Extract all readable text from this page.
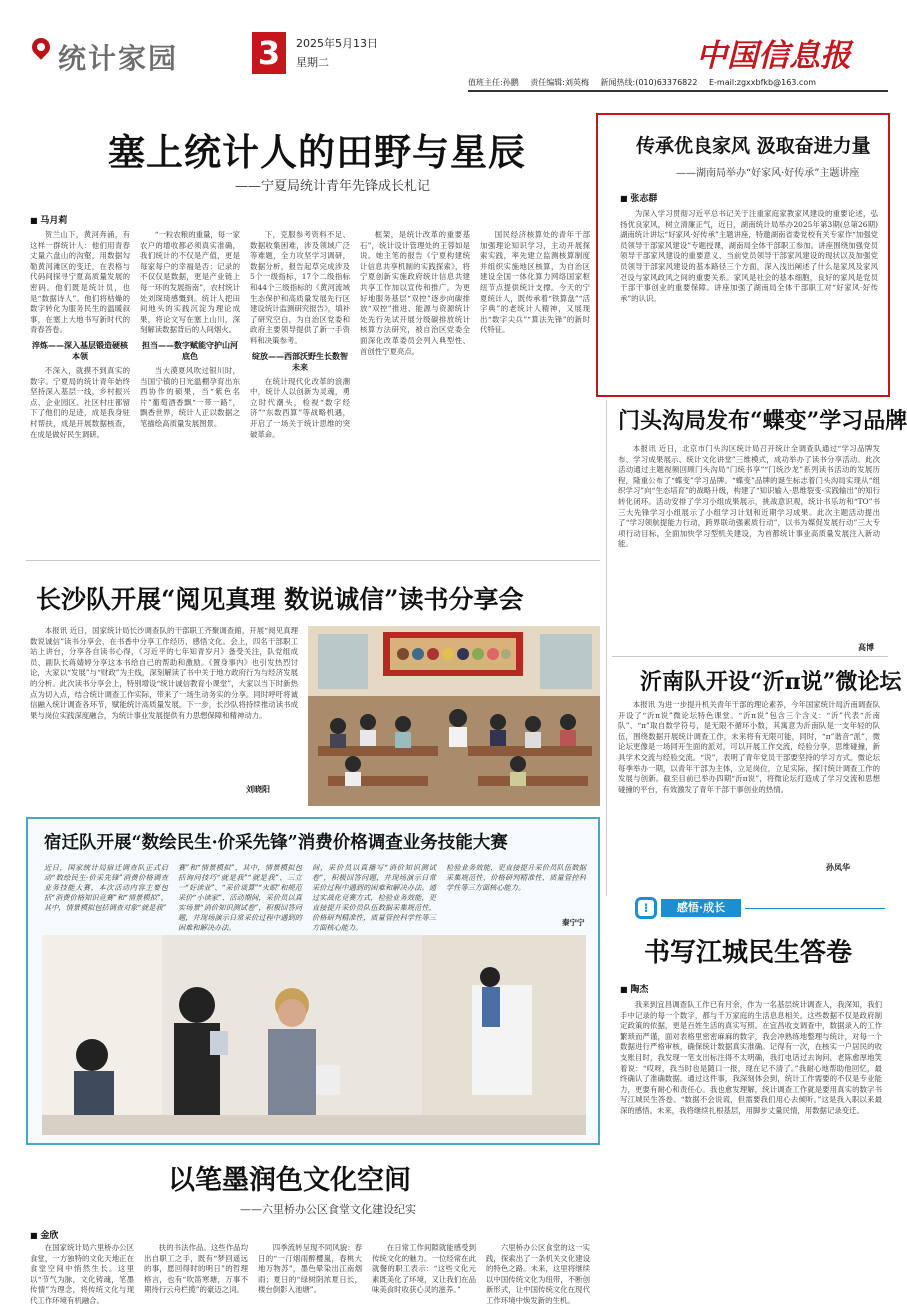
统计家园 3	2025年5月13日
星期二	中国信息报
值班主任:孙鹏 责任编辑:刘英梅 新闻热线:(010)63376822 E-mail:zgxxbfkb@163.com
塞上统计人的田野与星辰
——宁夏局统计青年先锋成长札记
■ 马月莉

贺兰山下，黄河奔涌，有这样一群统计人：他们用青春丈量六盘山的沟壑，用数据勾勒黄河滩区的变迁，在表格与代码间探寻宁夏高质量发展的密码。他们既是统计员，也是“数据诗人”。他们将枯燥的数字转化为服务民生的温暖叙事，在塞上大地书写新时代的青春答卷。

淬炼——深入基层锻造硬核本领

不深入，就摸不到真实的数字。宁夏局的统计青年始终坚持深入基层一线，乡村振兴点、企业园区、社区村庄都留下了他们的足迹，成是我身驻村帮扶，成是开展数据核查，在成是做好民生调研。

“一粒农粮的重量，每一家农户的增收都必须真实准确，我们统计的不仅是产值，更是每家每户的幸福是否：记录的不仅仅是数据，更是产业链上每一环的发展指南”，农村统计处刘琛琦感慨到。统计人把田间地头的实践沉淀为理论成果，将论文写在塞上山川，深刻解读数据背后的人间烟火。

担当——数字赋能守护山河底色

当大漠夏风吹过银川时，当国宁镇的日光温棚孕育出东西协作的硕果，当“紫色名片”葡萄酒香飘“一带一路”，飘香世界，统计人正以数据之笔描绘高质量发展图景。

下，克服参考资料不足、数据收集困难，涉及领域广泛等难题，全力攻坚学习调研，数据分析，报告起草完成涉及5个一级指标，17个二级指标和44个三级指标的《黄河流域生态保护和高质量发展先行区建设统计监测研究报告》，填补了研究空白，为自治区党委和政府主要领导提供了新一手资料和决策参考。

绽放——西部沃野生长数智未来

在统计现代化改革的浪潮中，统计人以创新为灵魂，勇立时代潮头，检视“数字经济”“东数西算”等战略机遇，开启了一场关于统计思维的突破革命。

框架，是统计改革的重要基石”，统计设计管理处的王蓉如是说。她主笔的报告《宁夏构建统计信息共享机制的实践探索》，将宁夏创新实施政府统计信息共建共享工作加以宣传和推广。为更好地服务基层“双控”逐步向碳排放“双控”推进、能源与资源统计处先行先试开展分级碳排放统计核算方法研究，被自治区党委全面深化改革委员会列入典型性、首创性宁夏亮点。

国民经济核算处的青年干部加强理论知识学习，主动开展探索实践，率先建立监测核算制度并组织实施地区核算，为自治区建设全国一体化算力网络国家枢纽节点提供统计支撑。今天的宁夏统计人，既传承着“铁算盘”“活字典”的老统计人精神，又展现出“数字尖兵”“算法先锋”的新时代特征。

传承优良家风 汲取奋进力量
——湖南局举办“好家风·好传承”主题讲座
■ 张志群
为深入学习贯彻习近平总书记关于注重家庭家教家风建设的重要论述，弘扬优良家风，树立清廉正气，近日，湖南统计局举办2025年第3期(总第26期)湖南统计讲坛“好家风·好传承”主题讲座，特邀湖南省委党校有关专家作“加强党员领导干部家风建设”专题授课，湖南局全体干部职工参加。讲座围绕加强党员领导干部家风建设的重要意义、当前党员领导干部家风建设的现状以及加强党员领导干部家风建设的基本路径三个方面，深入浅出阐述了什么是家风及家风건设与家风政风之间的重要关系。家风是社会的基本细胞，良好的家风是党员干部干事创业的重要保障。讲座加强了湖南局全体干部职工对“好家风·好传承”的认识。
门头沟局发布“蝶变”学习品牌
本报讯 近日，北京市门头沟区统计局召开统计全调查队通过“学习品牌发布、学习成果展示、统计文化讲堂”三维模式，成功举办了读书分享活动。此次活动通过主题视频回顾门头沟局“门统书享”“门统沙龙”系列读书活动的发展历程，隆重公布了“蝶变”学习品牌。“蝶变”品牌的诞生标志着门头沟局实现从“组织学习”向“生态培育”的战略升级，构建了“知识输入-思维裂变-实践输出”的知行转化闭环。活动安排了学习小组成果展示，挑战意识观，统计书乐坊和“TO”书三大先锋学习小组展示了小组学习计划和近期学习成果。此次主题活动提出了“学习领航提能力行动，跨界联动强素质行动”，以书为媒促发展行动”三大专项行动目标，全面加快学习型机关建设，为首都统计事业高质量发展注入新动能。
高博
沂南队开设“沂π说”微论坛
本报讯 为进一步提升机关青年干部的理论素养，今年国家统计局沂南调查队开设了“沂π说”微论坛特色课堂。“沂π说”包含三个含义：“沂”代表“沂南队”、“π”取自数学符号，是无限不循环小数，其寓意为沂南队是一支年轻的队伍，围绕数据开展统计调查工作，未来将有无限可能，同时，“π”谐音“派”，微论坛更像是一场同开生面的派对，可以开展工作交流，经验分享，思维碰撞，新具学术交流与经验交流。“说”，表明了青年党员干部要坚持的学习方式。微论坛每季举办一期，以青年干部为主体，立足岗位，立足实际，探讨统计调查工作的发展与创新。截至目前已举办四期“沂π说”，将微论坛打造成了学习交流和思想碰撞的平台，有效激发了青年干部干事创业的热情。
孙凤华
长沙队开展“阅见真理 数说诚信”读书分享会
本报讯 近日，国家统计局长沙调查队的干部职工齐聚调查館，开展“阅见真理 数说诚信”读书分享会，在书香中分享工作经历、感悟文化。会上，四名干部职工站上讲台，分享各自读书心得，《习近平的七年知青岁月》备受关注，队党组成员、副队长蒋婧婷分享这本书给自己的帮助和激励。《置身事内》也引发热烈讨论，大家以“发展”与“财政”为主线，深刻解读了书中关于地方政府行为与经济发展的分析。此次读书分享会上，特别增设“统计诚信教育小课堂”，大家以当下时新热点为切入点，结合统计调查工作实际，带来了一场生动务实的分享。同时呼吁将诚信融入统计调查各环节，赋能统计高质量发展。下一步，长沙队将持续推动读书成果与岗位实践深度融合，为统计事业发展提供有力思想保障和精神动力。
刘晓阳
宿迁队开展“数绘民生·价采先锋”消费价格调查业务技能大赛
近日，国家统计局宿迁调查队正式启动“数绘民生·价采先锋”消费价格调查业务技能大赛，本次活动内容主要包括“消费价格知识竞赛”和“情景模拟”，其中，情景模拟包括调查对象“就是我”
赛”和“情景模拟”，其中，情景模拟包括询问技巧“就是我”“就是我”、三立一“好读业”、“采价谈算”“火眼”和规范采价“小读家”、活动期间，采价员以真实场景“消价知识测试卷”，积极回答问题，并现场演示日常采价过程中遇到的困难和解决办法。
间，采价员以真播写“消价知识测试卷”，积极回答问题，并现场演示日常采价过程中遇到的困难和解决办法。通过实战化竞赛方式，检验业务效能，更直接提升采价员队伍数据采集规范性，价格研判精准性，质量管控科学性等三方面核心能力。
检验业务效能，更直接提升采价员队伍数据采集规范性、价格研判精准性、质量管控科学性等三方面核心能力。
秦宁宁
以笔墨润色文化空间
——六里桥办公区食堂文化建设纪实
■ 金欣
在国家统计局六里桥办公区食堂，一方独特的文化天地正在食堂空间中悄然生长。这里以“节气为脉，文化铸魂，笔墨传情”为理念，将传统文化与现代工作环境有机融合。
扶的书法作品。这些作品均出自职工之手，既有“梦回遥远的事，愿回得时的明日”的哲理格言，也有“吹笛寒塘，万事不期待行云舟栏揽”的豪迈之词。
四季流转呈现不同风貌：春日的“一汀烟雨醉樱嵐，春桃大地万物苏”，墨色晕染出江南烟雨；夏日的“绿树阴浓夏日长，楼台倒影入池塘”。
在日常工作间隙就能感受到传统文化的魅力。一位经常在此就餐的职工表示：“这些文化元素既美化了环境，又让我们在品味美食时收获心灵的滋养。”
六里桥办公区食堂的这一实践，探索出了一条机关文化建设的特色之路。未来，这里将继续以中国传统文化为纽带，不断创新形式，让中国传统文化在现代工作环境中焕发新的生机。
⁝	感悟·成长
书写江城民生答卷
■ 陶杰
我来到宜昌调查队工作已有月余，作为一名基层统计调查人，我深知，我们手中记录的每一个数字，都与千万家庭的生活息息相关。这些数据不仅是政府制定政策的依据，更是百姓生活的真实写照。在宜昌收支调查中，数据录入的工作繁琐而严谨，面对表格里密密麻麻的数字，我会冲熟练地整理与统计，对每一个数据进行严格审核，确保统计数据真实准确。记得有一次，在核实一户居民的收支账目时，我发现一笔支出标注得不太明确，我打电话过去询问，老陈愈厚地笑着说：“哎呀，我当时也是随口一报，现在记不清了。”我耐心地帮助他回忆，最终确认了准确数据。通过这件事，我深刻体会到，统计工作需要的不仅是专业能力，更要有耐心和责任心。我也愈发理解，统计调查工作就是要用真实的数字书写江城民生答卷。“数据不会说谎，但需要我们用心去倾听。”这是我入职以来最深的感悟。未来，我将继续扎根基层，用脚步丈量民情，用数据记录变迁。
